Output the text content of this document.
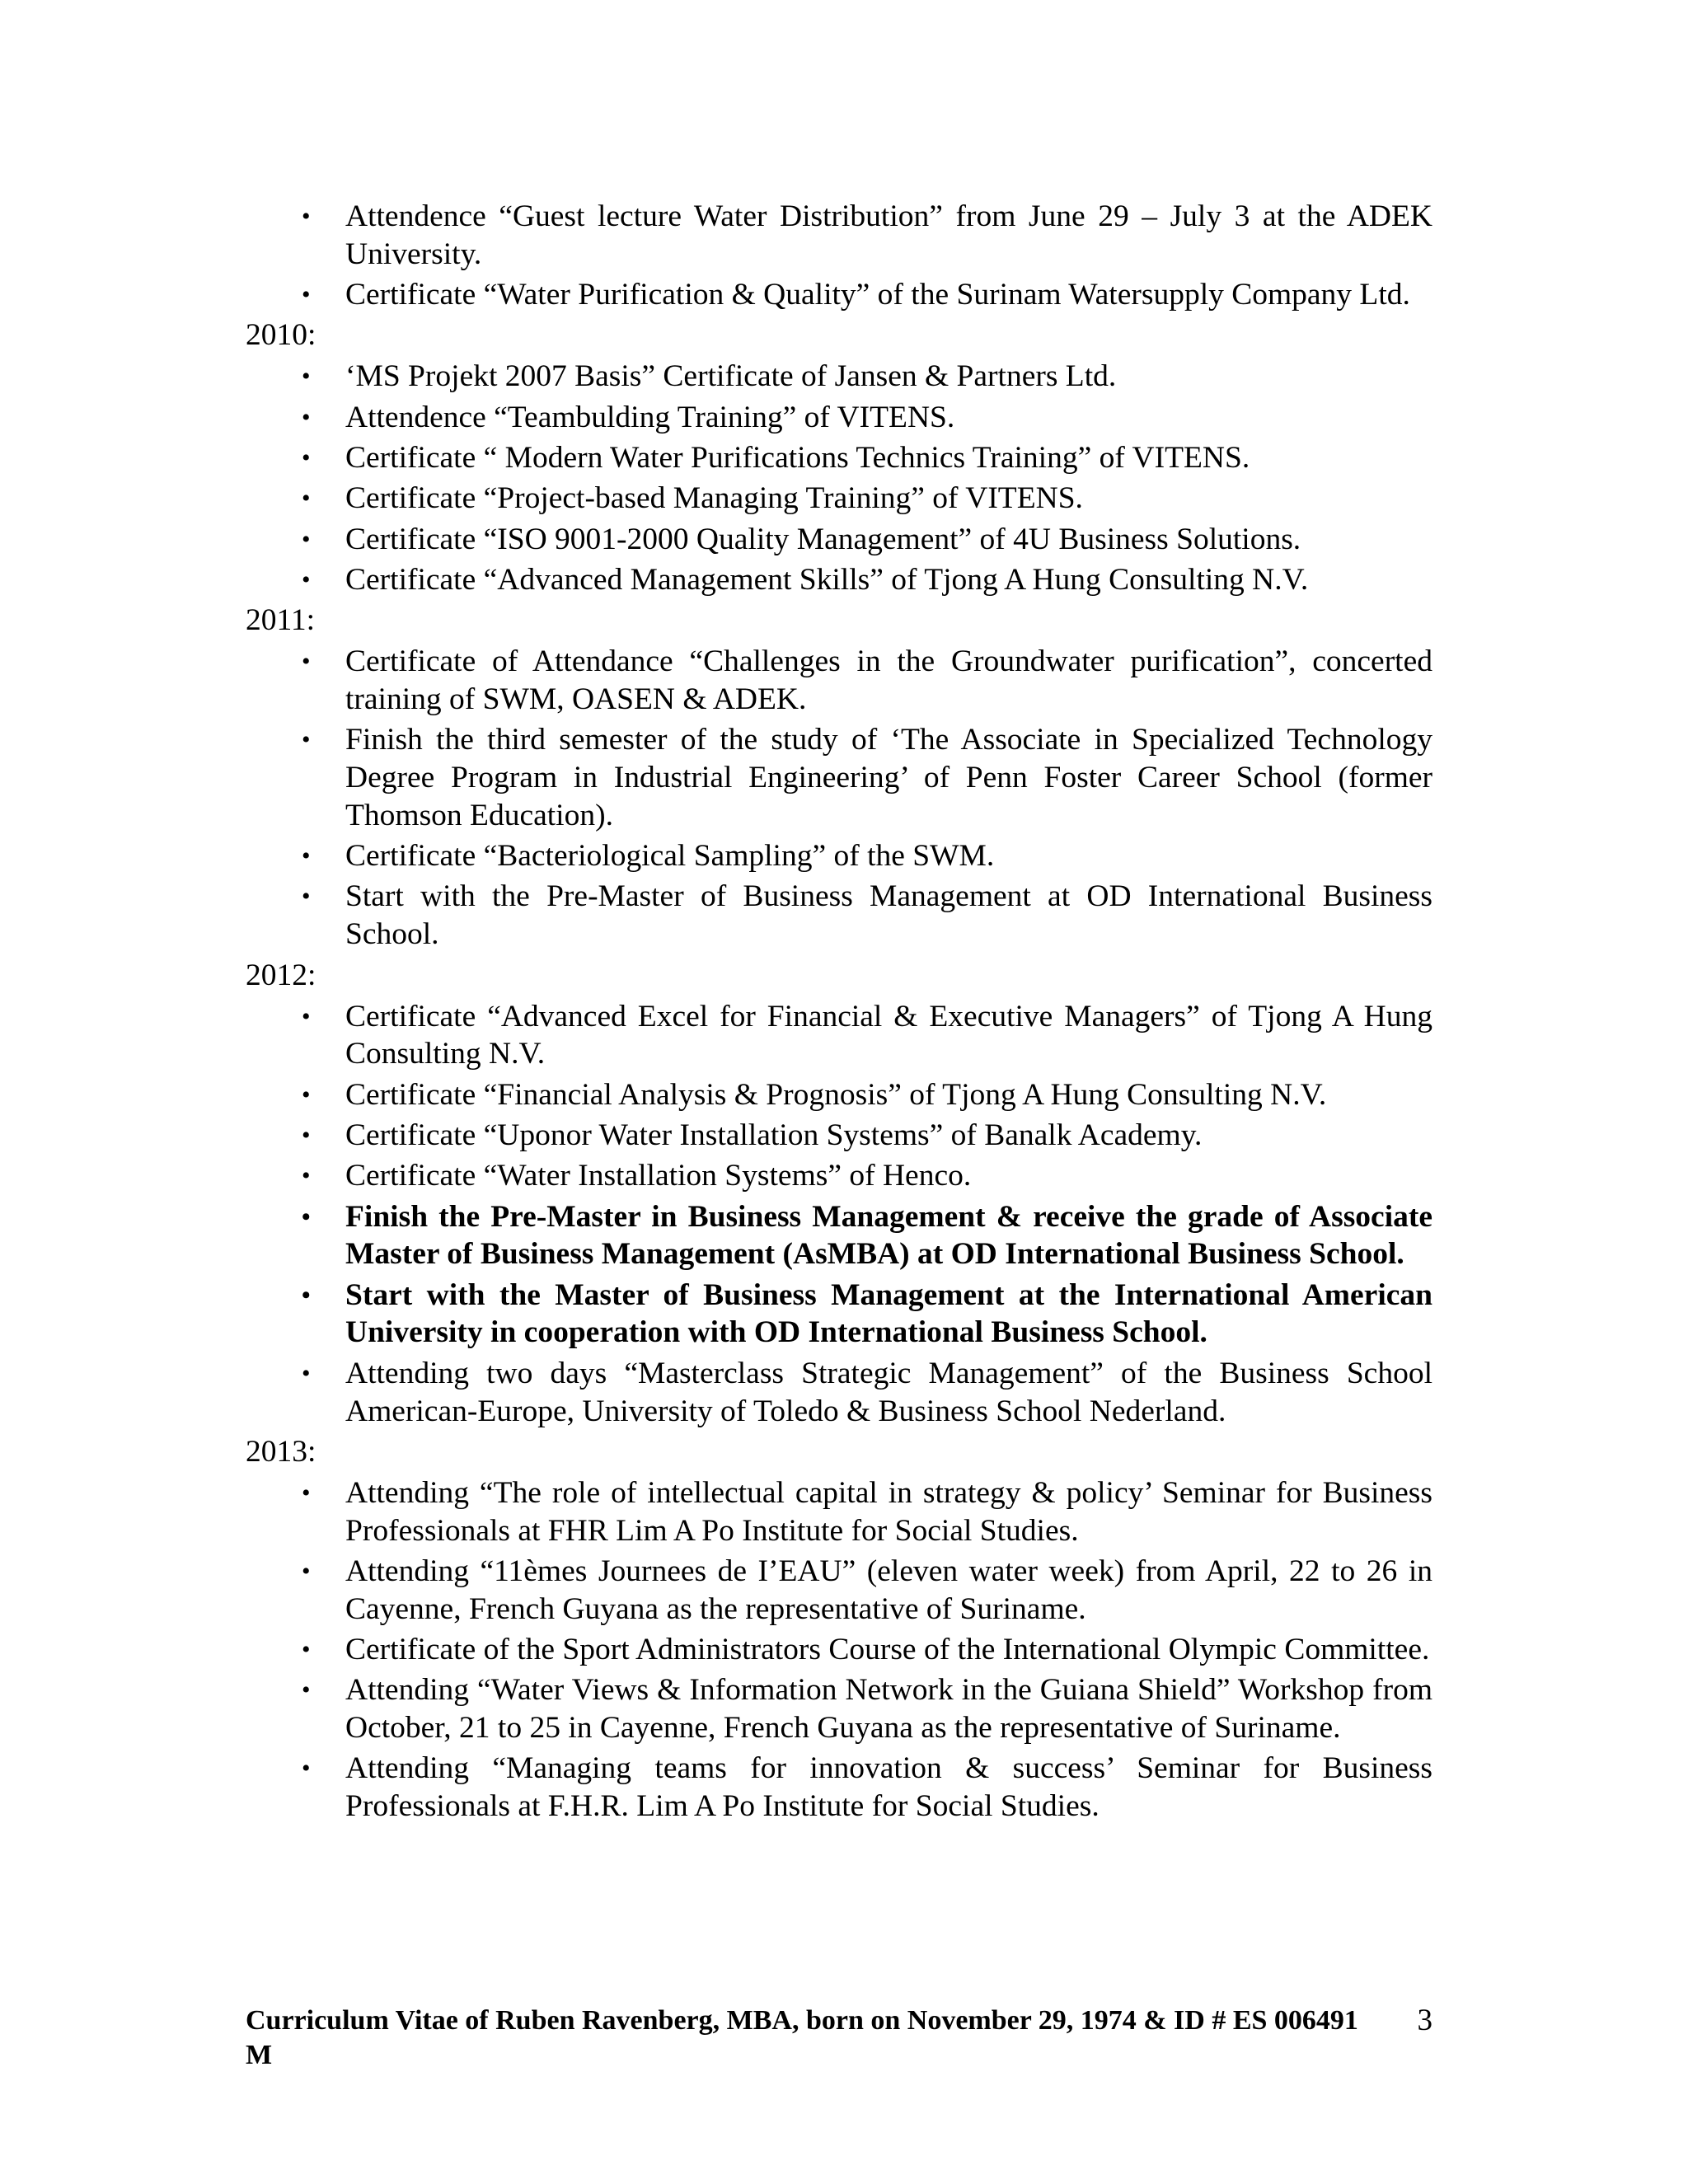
• Attendence “Guest lecture Water Distribution” from June 29 – July 3 at the ADEK University.
• Certificate “Water Purification & Quality” of the Surinam Watersupply Company Ltd.
2010:
• ‘MS Projekt 2007 Basis” Certificate of Jansen & Partners Ltd.
• Attendence “Teambulding Training” of VITENS.
• Certificate “ Modern Water Purifications Technics Training” of VITENS.
• Certificate “Project-based Managing Training” of VITENS.
• Certificate “ISO 9001-2000 Quality Management” of 4U Business Solutions.
• Certificate “Advanced Management Skills” of Tjong A Hung Consulting N.V.
2011:
• Certificate of Attendance “Challenges in the Groundwater purification”, concerted training of SWM, OASEN & ADEK.
• Finish the third semester of the study of ‘The Associate in Specialized Technology Degree Program in Industrial Engineering’ of Penn Foster Career School (former Thomson Education).
• Certificate “Bacteriological Sampling” of the SWM.
• Start with the Pre-Master of Business Management at OD International Business School.
2012:
• Certificate “Advanced Excel for Financial & Executive Managers” of Tjong A Hung Consulting N.V.
• Certificate “Financial Analysis & Prognosis” of Tjong A Hung Consulting N.V.
• Certificate “Uponor Water Installation Systems” of Banalk Academy.
• Certificate “Water Installation Systems” of Henco.
• Finish the Pre-Master in Business Management & receive the grade of Associate Master of Business Management (AsMBA) at OD International Business School.
• Start with the Master of Business Management at the International American University in cooperation with OD International Business School.
• Attending two days “Masterclass Strategic Management” of the Business School American-Europe, University of Toledo & Business School Nederland.
2013:
• Attending “The role of intellectual capital in strategy & policy’ Seminar for Business Professionals at FHR Lim A Po Institute for Social Studies.
• Attending “11èmes Journees de I’EAU” (eleven water week) from April, 22 to 26 in Cayenne, French Guyana as the representative of Suriname.
• Certificate of the Sport Administrators Course of the International Olympic Committee.
• Attending “Water Views & Information Network in the Guiana Shield” Workshop from October, 21 to 25 in Cayenne, French Guyana as the representative of Suriname.
• Attending “Managing teams for innovation & success’ Seminar for Business Professionals at F.H.R. Lim A Po Institute for Social Studies.
Curriculum Vitae of Ruben Ravenberg, MBA, born on November 29, 1974 & ID # ES 006491 M
3
